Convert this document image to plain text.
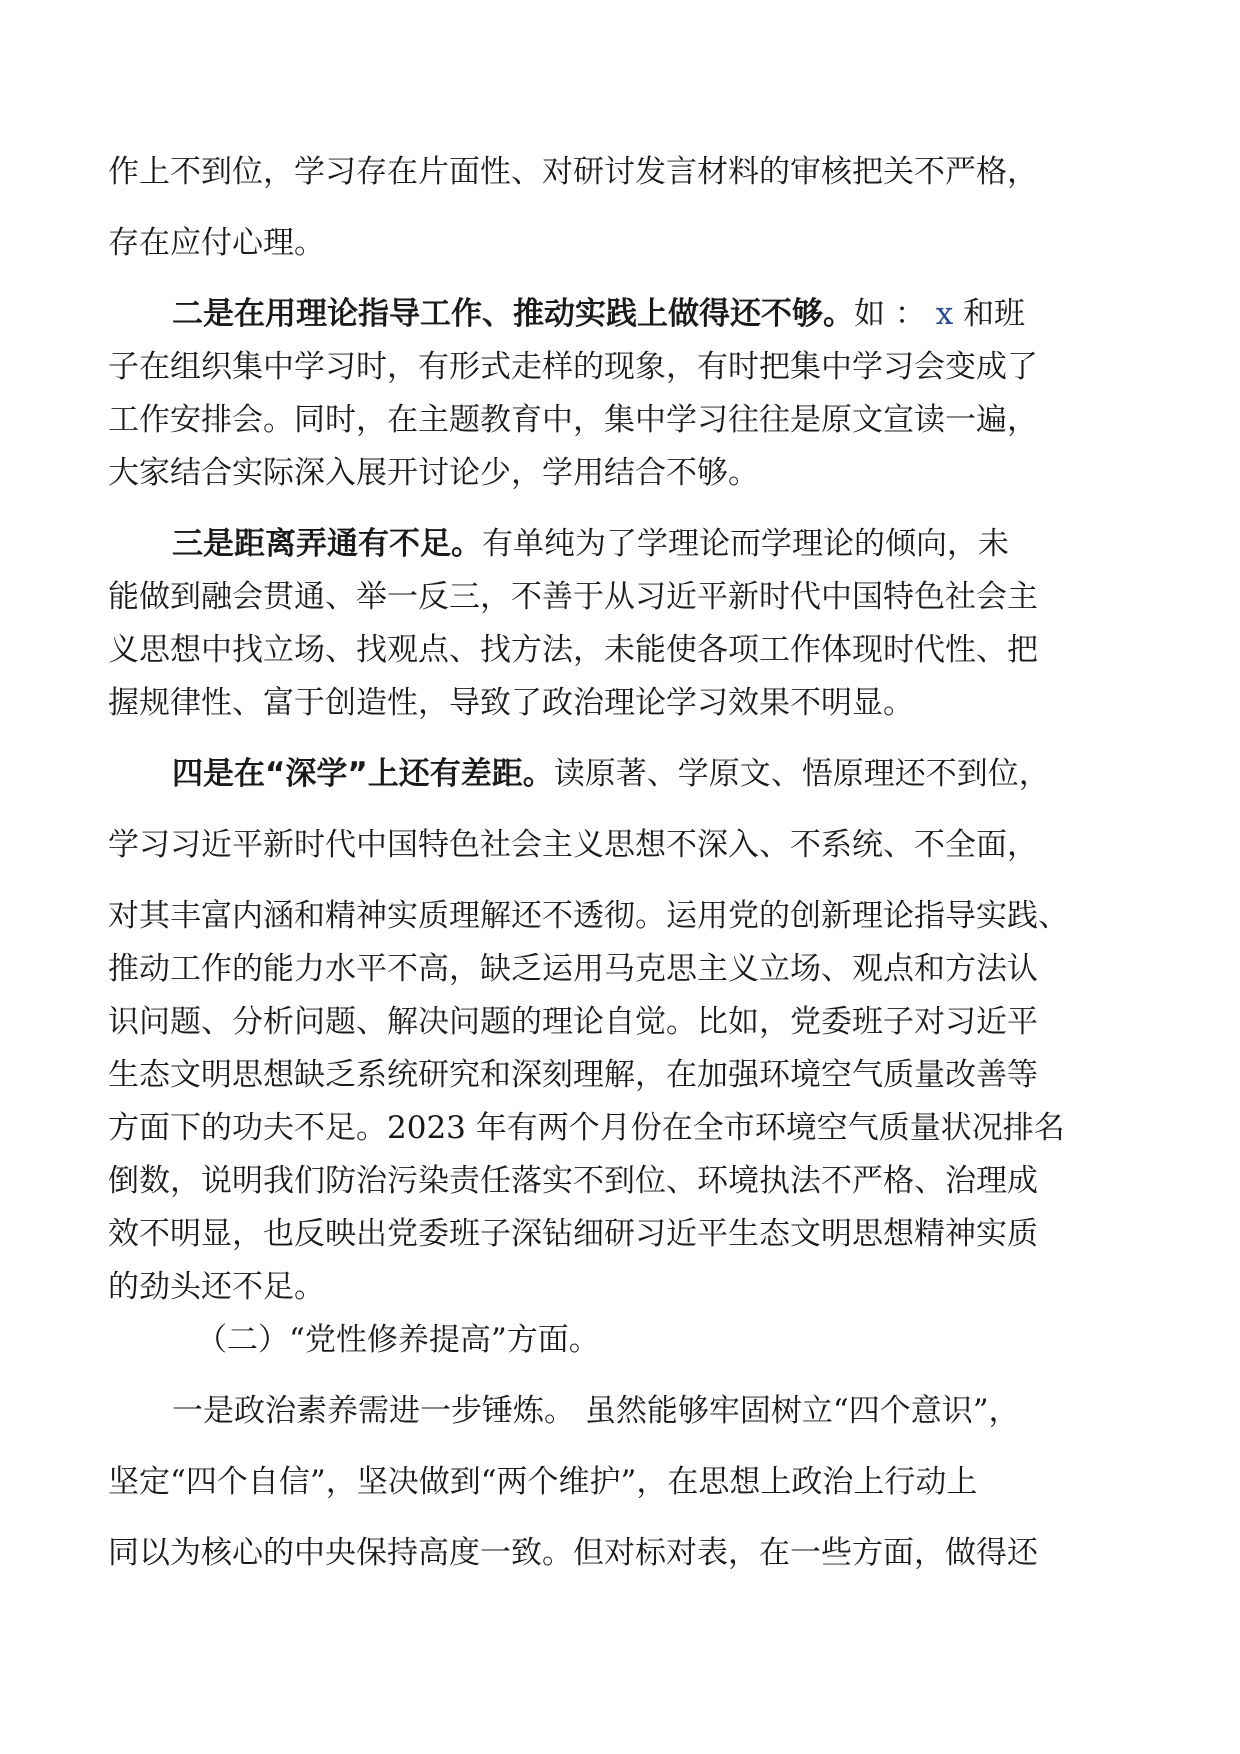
作上不到位，学习存在片面性、对研讨发言材料的审核把关不严格，
存在应付心理。
二是在用理论指导工作、推动实践上做得还不够。如 ： x 和班
子在组织集中学习时，有形式走样的现象，有时把集中学习会变成了
工作安排会。同时，在主题教育中，集中学习往往是原文宣读一遍，
大家结合实际深入展开讨论少，学用结合不够。
三是距离弄通有不足。有单纯为了学理论而学理论的倾向，未
能做到融会贯通、举一反三，不善于从习近平新时代中国特色社会主
义思想中找立场、找观点、找方法，未能使各项工作体现时代性、把
握规律性、富于创造性，导致了政治理论学习效果不明显。
四是在“深学”上还有差距。读原著、学原文、悟原理还不到位，
学习习近平新时代中国特色社会主义思想不深入、不系统、不全面，
对其丰富内涵和精神实质理解还不透彻。运用党的创新理论指导实践、
推动工作的能力水平不高，缺乏运用马克思主义立场、观点和方法认
识问题、分析问题、解决问题的理论自觉。比如，党委班子对习近平
生态文明思想缺乏系统研究和深刻理解，在加强环境空气质量改善等
方面下的功夫不足。2023 年有两个月份在全市环境空气质量状况排名
倒数，说明我们防治污染责任落实不到位、环境执法不严格、治理成
效不明显，也反映出党委班子深钻细研习近平生态文明思想精神实质
的劲头还不足。
（二）“党性修养提高”方面。
一是政治素养需进一步锤炼。 虽然能够牢固树立“四个意识”，
坚定“四个自信”，坚决做到“两个维护”，在思想上政治上行动上
同以为核心的中央保持高度一致。但对标对表，在一些方面，做得还
